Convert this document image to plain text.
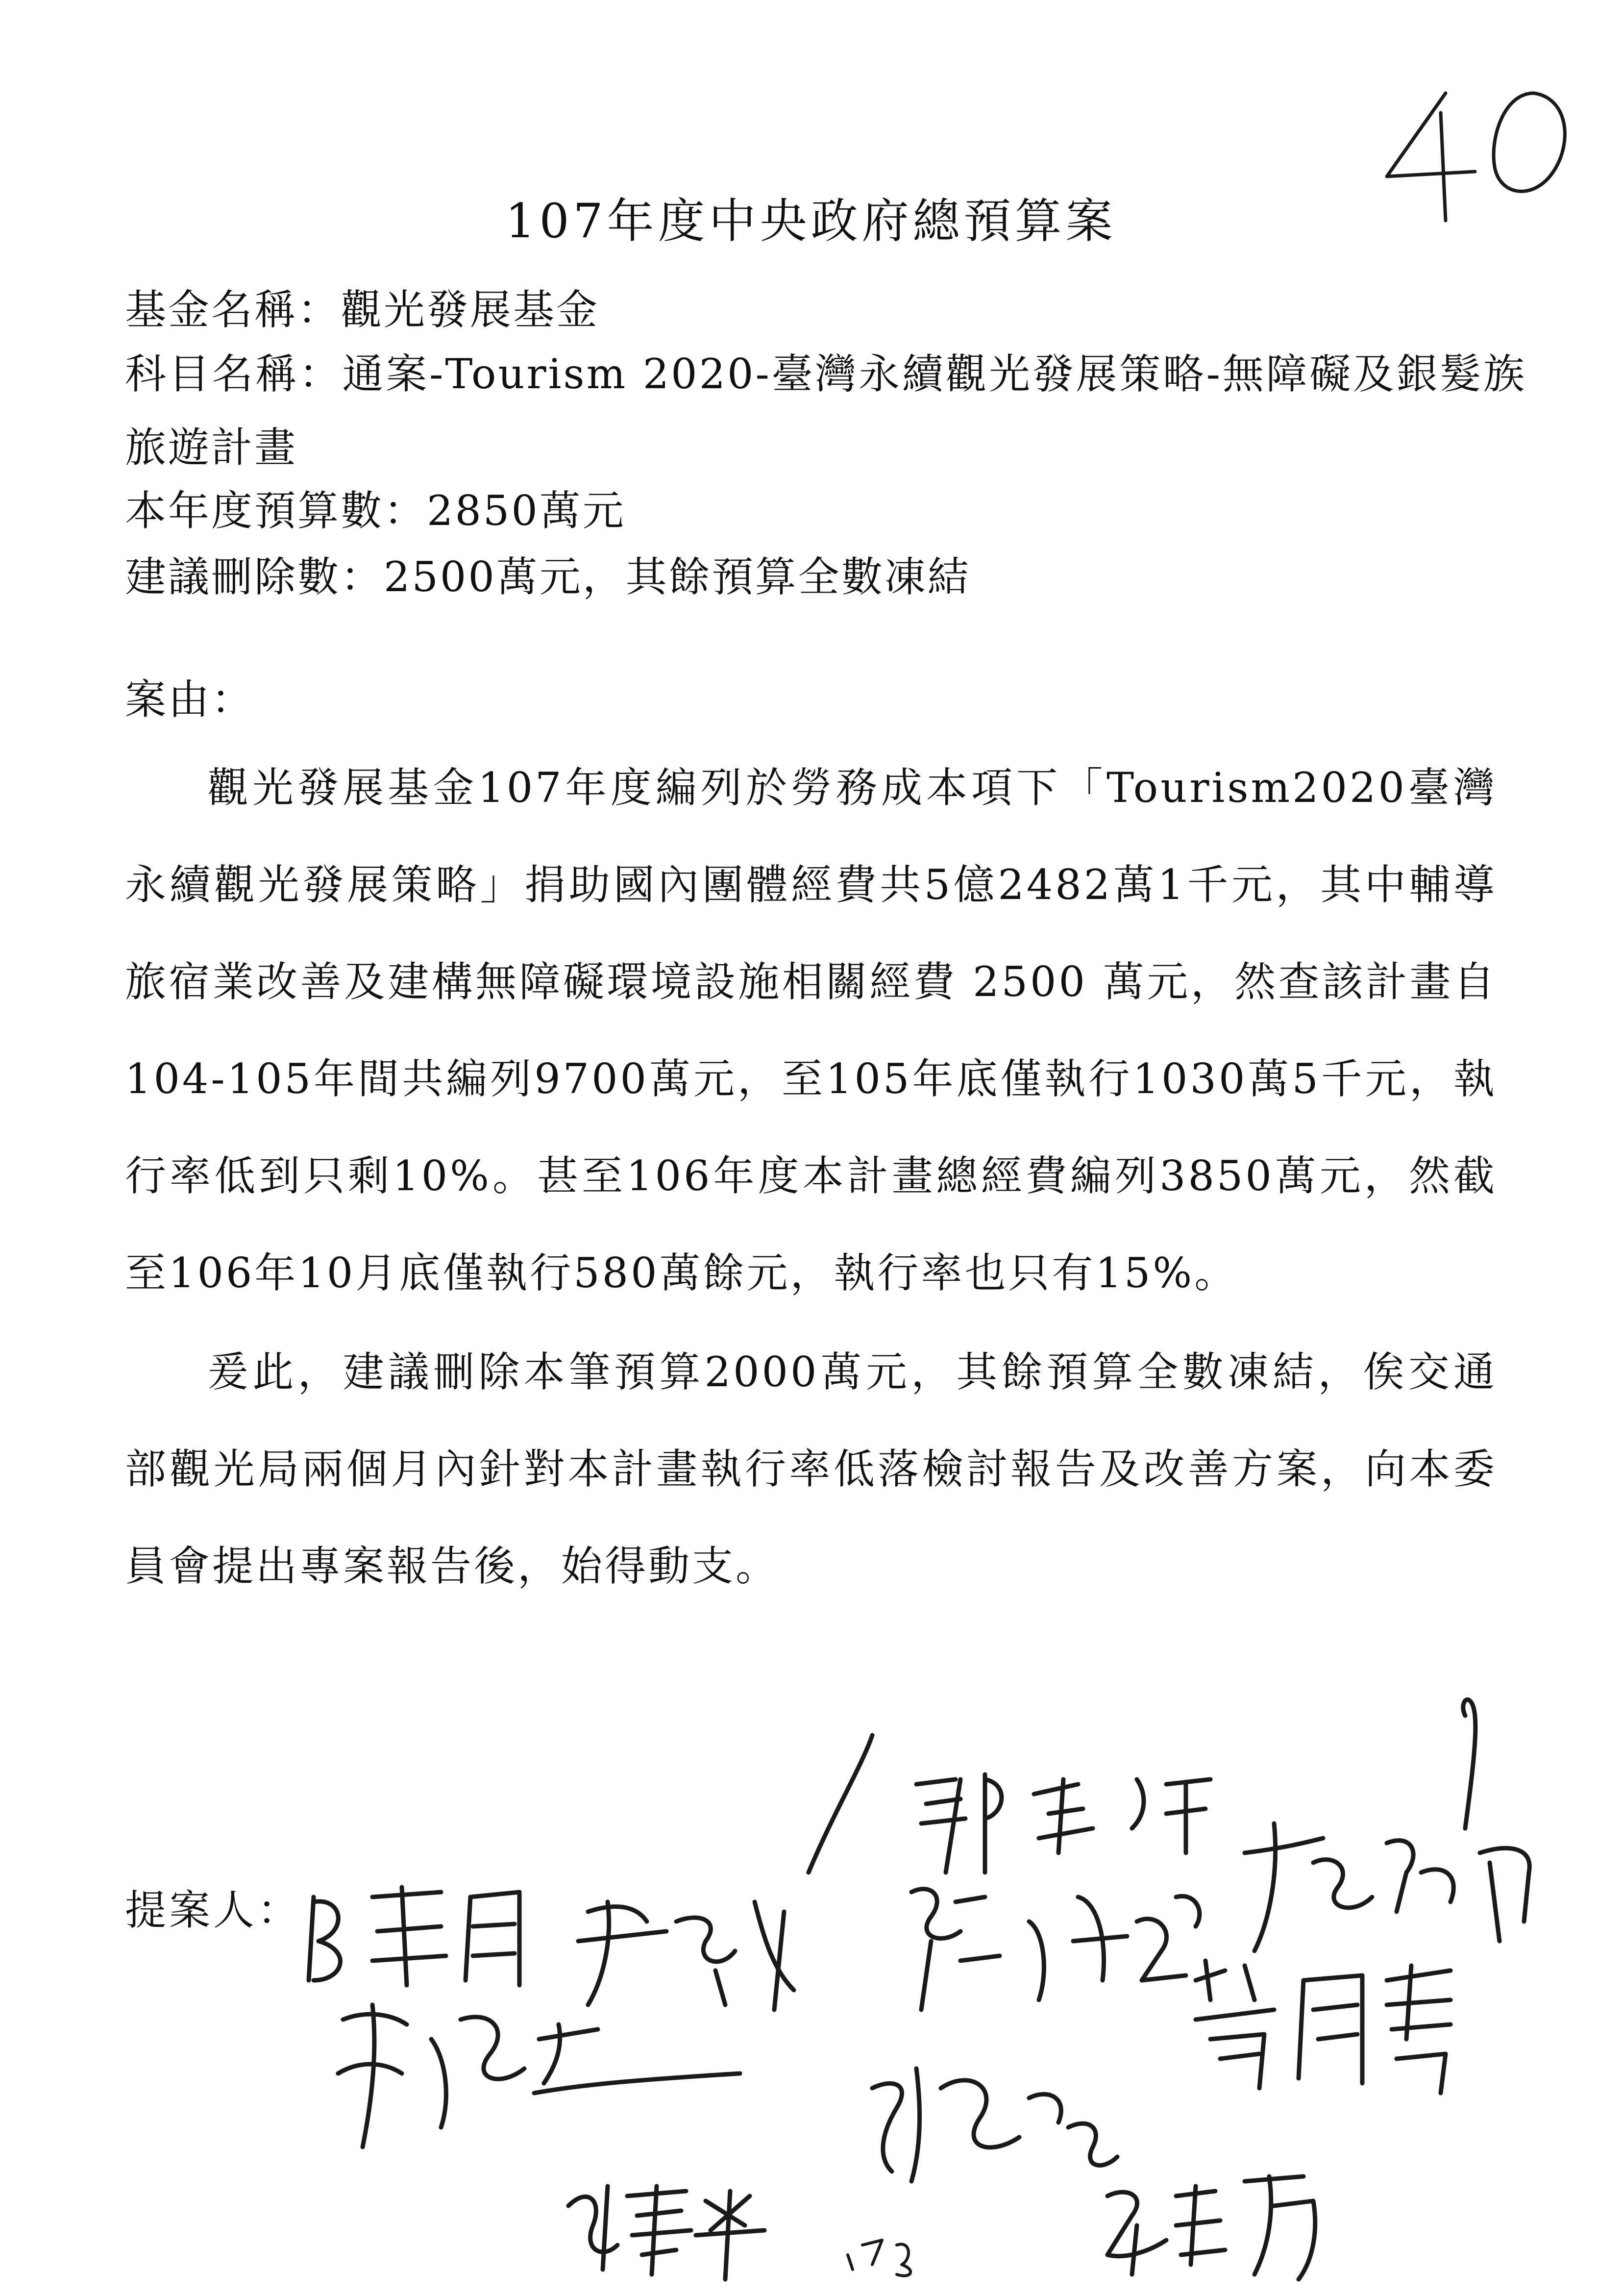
107年度中央政府總預算案
基金名稱：觀光發展基金
科目名稱：通案-Tourism 2020-臺灣永續觀光發展策略-無障礙及銀髮族旅遊計畫
本年度預算數：2850萬元
建議刪除數：2500萬元，其餘預算全數凍結
案由：

觀光發展基金107年度編列於勞務成本項下「Tourism2020臺灣永續觀光發展策略」捐助國內團體經費共5億2482萬1千元，其中輔導旅宿業改善及建構無障礙環境設施相關經費 2500 萬元，然查該計畫自104-105年間共編列9700萬元，至105年底僅執行1030萬5千元，執行率低到只剩10%。甚至106年度本計畫總經費編列3850萬元，然截至106年10月底僅執行580萬餘元，執行率也只有15%。

爰此，建議刪除本筆預算2000萬元，其餘預算全數凍結，俟交通部觀光局兩個月內針對本計畫執行率低落檢討報告及改善方案，向本委員會提出專案報告後，始得動支。

提案人：
